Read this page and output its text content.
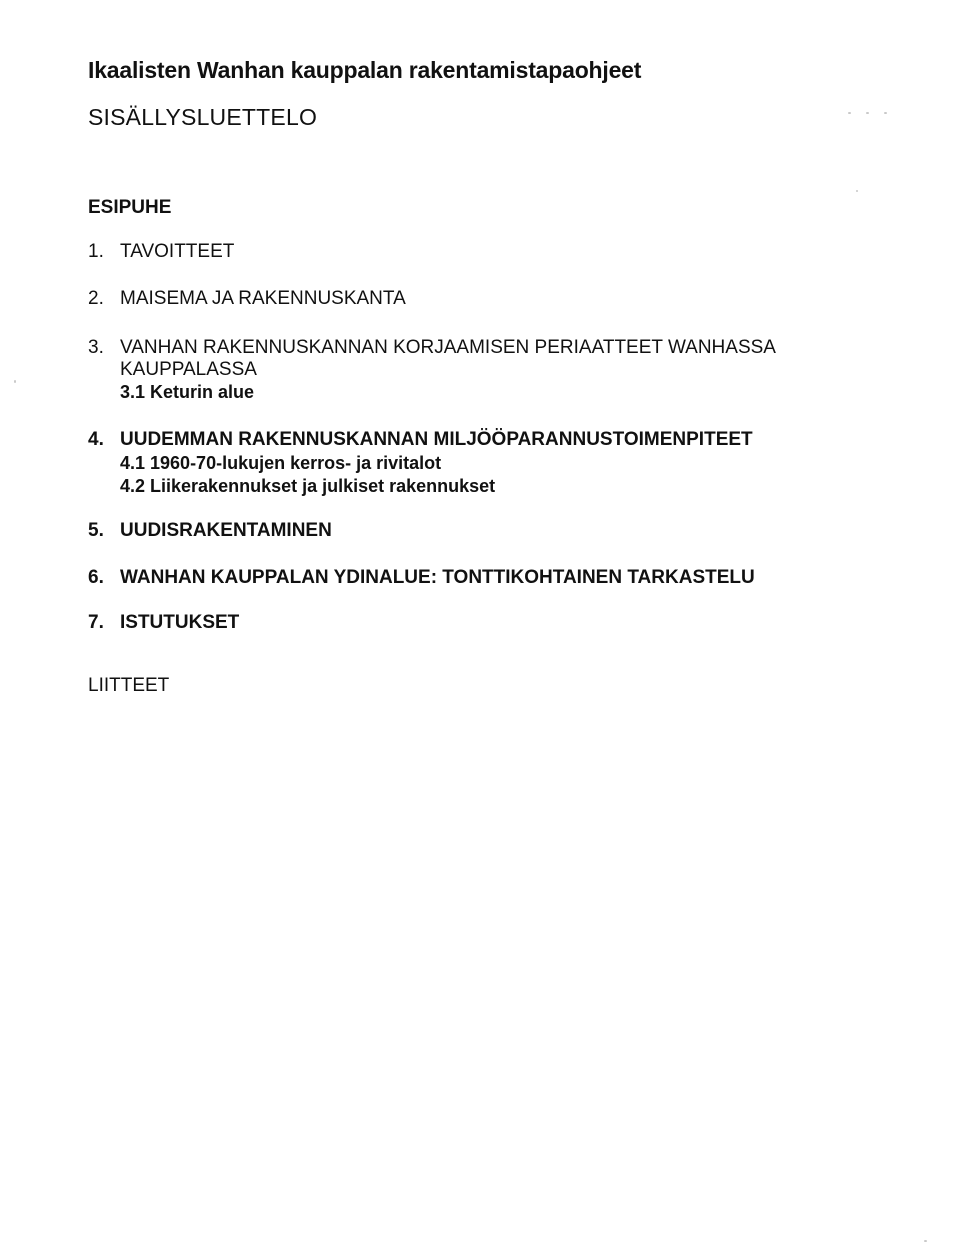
Ikaalisten Wanhan kauppalan rakentamistapaohjeet
SISÄLLYSLUETTELO
ESIPUHE
1. TAVOITTEET
2. MAISEMA JA RAKENNUSKANTA
3. VANHAN RAKENNUSKANNAN KORJAAMISEN PERIAATTEET WANHASSA
KAUPPALASSA
3.1 Keturin alue
4. UUDEMMAN RAKENNUSKANNAN MILJÖÖPARANNUSTOIMENPITEET
4.1 1960-70-lukujen kerros- ja rivitalot
4.2 Liikerakennukset ja julkiset rakennukset
5. UUDISRAKENTAMINEN
6. WANHAN KAUPPALAN YDINALUE: TONTTIKOHTAINEN TARKASTELU
7. ISTUTUKSET
LIITTEET
